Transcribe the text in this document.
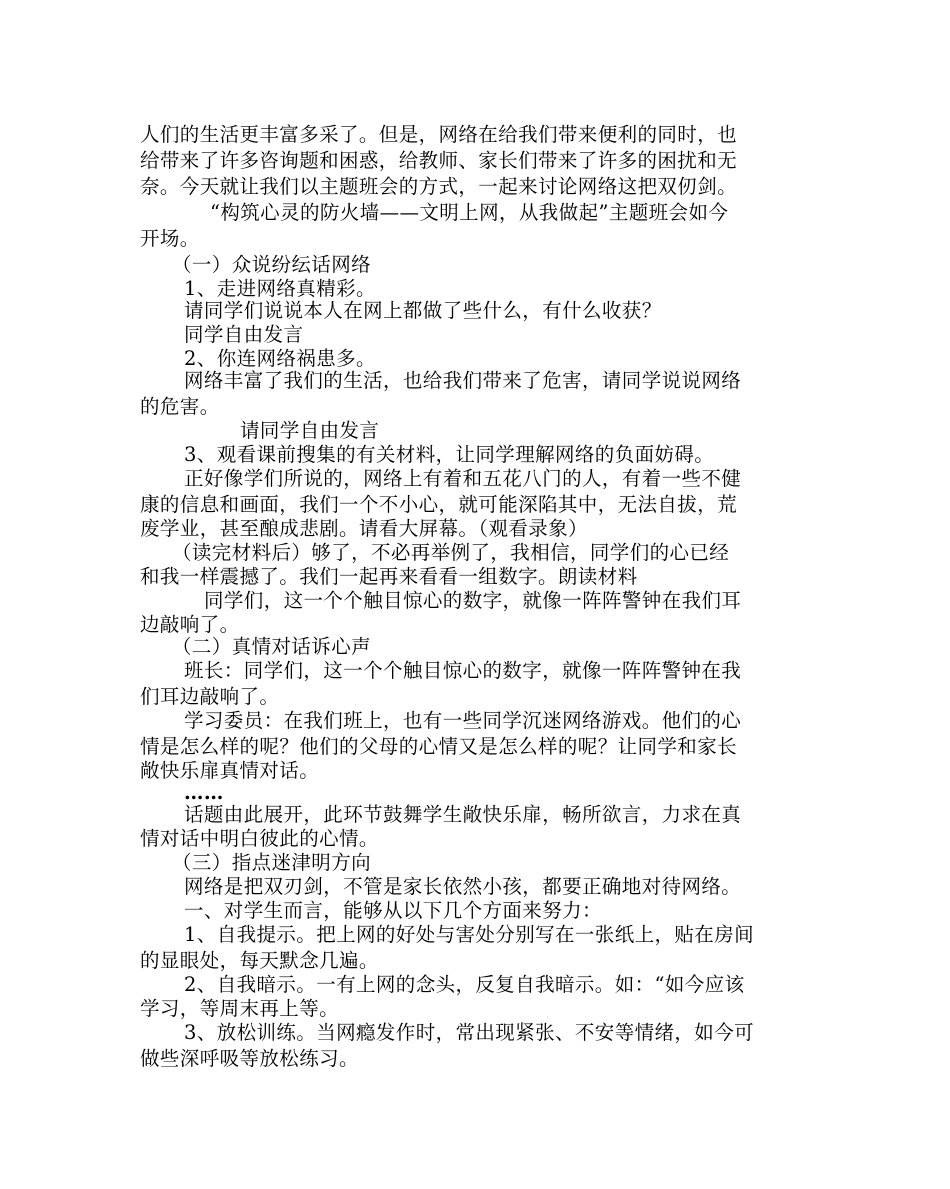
人们的生活更丰富多采了。但是，网络在给我们带来便利的同时，也

给带来了许多咨询题和困惑，给教师、家长们带来了许多的困扰和无

奈。今天就让我们以主题班会的方式，一起来讨论网络这把双仞剑。

“构筑心灵的防火墙——文明上网，从我做起”主题班会如今

开场。

（一）众说纷纭话网络

1、走进网络真精彩。

请同学们说说本人在网上都做了些什么，有什么收获？

同学自由发言

2、你连网络祸患多。

网络丰富了我们的生活，也给我们带来了危害，请同学说说网络

的危害。

请同学自由发言

3、观看课前搜集的有关材料，让同学理解网络的负面妨碍。

正好像学们所说的，网络上有着和五花八门的人，有着一些不健

康的信息和画面，我们一个不小心，就可能深陷其中，无法自拔，荒

废学业，甚至酿成悲剧。请看大屏幕。（观看录象）

（读完材料后）够了，不必再举例了，我相信，同学们的心已经

和我一样震撼了。我们一起再来看看一组数字。朗读材料

同学们，这一个个触目惊心的数字，就像一阵阵警钟在我们耳

边敲响了。

（二）真情对话诉心声

班长：同学们，这一个个触目惊心的数字，就像一阵阵警钟在我

们耳边敲响了。

学习委员：在我们班上，也有一些同学沉迷网络游戏。他们的心

情是怎么样的呢？他们的父母的心情又是怎么样的呢？让同学和家长

敞快乐扉真情对话。

……

话题由此展开，此环节鼓舞学生敞快乐扉，畅所欲言，力求在真

情对话中明白彼此的心情。

（三）指点迷津明方向

网络是把双刃剑，不管是家长依然小孩，都要正确地对待网络。

一、对学生而言，能够从以下几个方面来努力：

1、自我提示。把上网的好处与害处分别写在一张纸上，贴在房间

的显眼处，每天默念几遍。

2、自我暗示。一有上网的念头，反复自我暗示。如：“如今应该

学习，等周末再上等。

3、放松训练。当网瘾发作时，常出现紧张、不安等情绪，如今可

做些深呼吸等放松练习。
